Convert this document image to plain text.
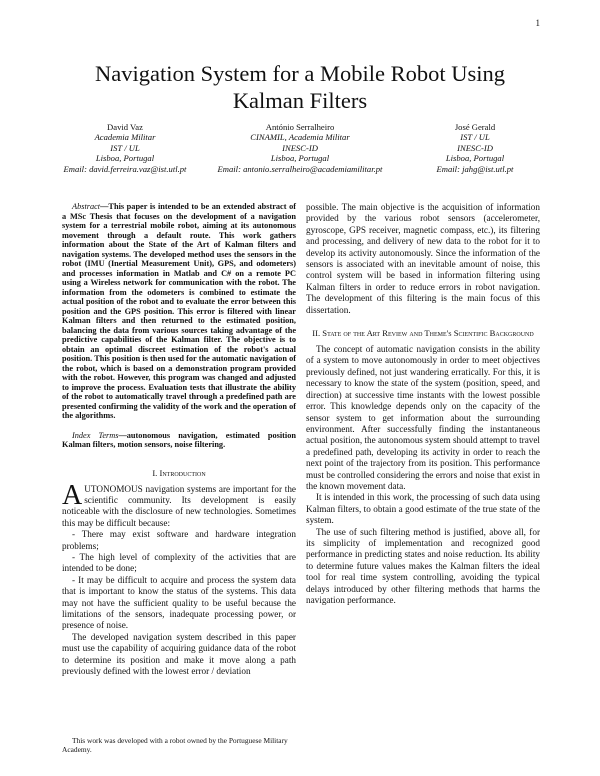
1
Navigation System for a Mobile Robot Using Kalman Filters
David Vaz
Academia Militar
IST / UL
Lisboa, Portugal
Email: david.ferreira.vaz@ist.utl.pt
António Serralheiro
CINAMIL, Academia Militar
INESC-ID
Lisboa, Portugal
Email: antonio.serralheiro@academiamilitar.pt
José Gerald
IST / UL
INESC-ID
Lisboa, Portugal
Email: jahg@ist.utl.pt

Abstract—This paper is intended to be an extended abstract of a MSc Thesis that focuses on the development of a navigation system for a terrestrial mobile robot, aiming at its autonomous movement through a default route. This work gathers information about the State of the Art of Kalman filters and navigation systems. The developed method uses the sensors in the robot (IMU (Inertial Measurement Unit), GPS, and odometers) and processes information in Matlab and C# on a remote PC using a Wireless network for communication with the robot. The information from the odometers is combined to estimate the actual position of the robot and to evaluate the error between this position and the GPS position. This error is filtered with linear Kalman filters and then returned to the estimated position, balancing the data from various sources taking advantage of the predictive capabilities of the Kalman filter. The objective is to obtain an optimal discreet estimation of the robot's actual position. This position is then used for the automatic navigation of the robot, which is based on a demonstration program provided with the robot. However, this program was changed and adjusted to improve the process. Evaluation tests that illustrate the ability of the robot to automatically travel through a predefined path are presented confirming the validity of the work and the operation of the algorithms.

Index Terms—autonomous navigation, estimated position Kalman filters, motion sensors, noise filtering.

I. Introduction

AUTONOMOUS navigation systems are important for the scientific community. Its development is easily noticeable with the disclosure of new technologies. Sometimes this may be difficult because:

- There may exist software and hardware integration problems;

- The high level of complexity of the activities that are intended to be done;

- It may be difficult to acquire and process the system data that is important to know the status of the systems. This data may not have the sufficient quality to be useful because the limitations of the sensors, inadequate processing power, or presence of noise.

The developed navigation system described in this paper must use the capability of acquiring guidance data of the robot to determine its position and make it move along a path previously defined with the lowest error / deviation

possible. The main objective is the acquisition of information provided by the various robot sensors (accelerometer, gyroscope, GPS receiver, magnetic compass, etc.), its filtering and processing, and delivery of new data to the robot for it to develop its activity autonomously. Since the information of the sensors is associated with an inevitable amount of noise, this control system will be based in information filtering using Kalman filters in order to reduce errors in robot navigation. The development of this filtering is the main focus of this dissertation.

II. State of the Art Review and Theme's Scientific Background

The concept of automatic navigation consists in the ability of a system to move autonomously in order to meet objectives previously defined, not just wandering erratically. For this, it is necessary to know the state of the system (position, speed, and direction) at successive time instants with the lowest possible error. This knowledge depends only on the capacity of the sensor system to get information about the surrounding environment. After successfully finding the instantaneous actual position, the autonomous system should attempt to travel a predefined path, developing its activity in order to reach the next point of the trajectory from its position. This performance must be controlled considering the errors and noise that exist in the known movement data.

It is intended in this work, the processing of such data using Kalman filters, to obtain a good estimate of the true state of the system.

The use of such filtering method is justified, above all, for its simplicity of implementation and recognized good performance in predicting states and noise reduction. Its ability to determine future values makes the Kalman filters the ideal tool for real time system controlling, avoiding the typical delays introduced by other filtering methods that harms the navigation performance.

This work was developed with a robot owned by the Portuguese Military Academy.
